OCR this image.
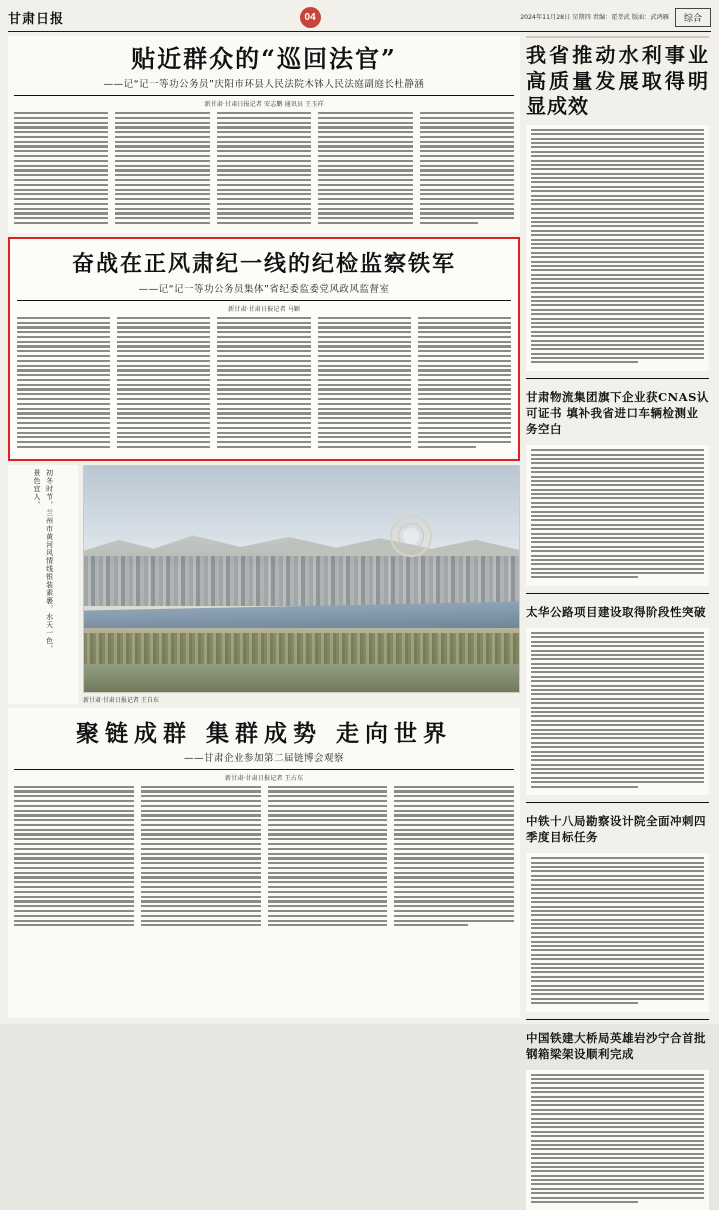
甘肃日报	04	2024年11月28日 星期四 责编：霍莘武 版面：武鸿雁	综合
贴近群众的“巡回法官”
——记“记一等功公务员”庆阳市环县人民法院木钵人民法庭副庭长杜静涵
新甘肃·甘肃日报记者 安志鹏 通讯员 王玉祥
奋战在正风肃纪一线的纪检监察铁军
——记“记一等功公务员集体”省纪委监委党风政风监督室
新甘肃·甘肃日报记者 马颖
初冬时节，兰州市黄河风情线银装素裹，水天一色，景色宜人。
新甘肃·甘肃日报记者 王自东
聚链成群 集群成势 走向世界
——甘肃企业参加第二届链博会观察
新甘肃·甘肃日报记者 王占东
我省推动水利事业高质量发展取得明显成效
甘肃物流集团旗下企业获CNAS认可证书 填补我省进口车辆检测业务空白
太华公路项目建设取得阶段性突破
中铁十八局勘察设计院全面冲刺四季度目标任务
中国铁建大桥局英雄岩沙宁合首批钢箱梁架设顺利完成
